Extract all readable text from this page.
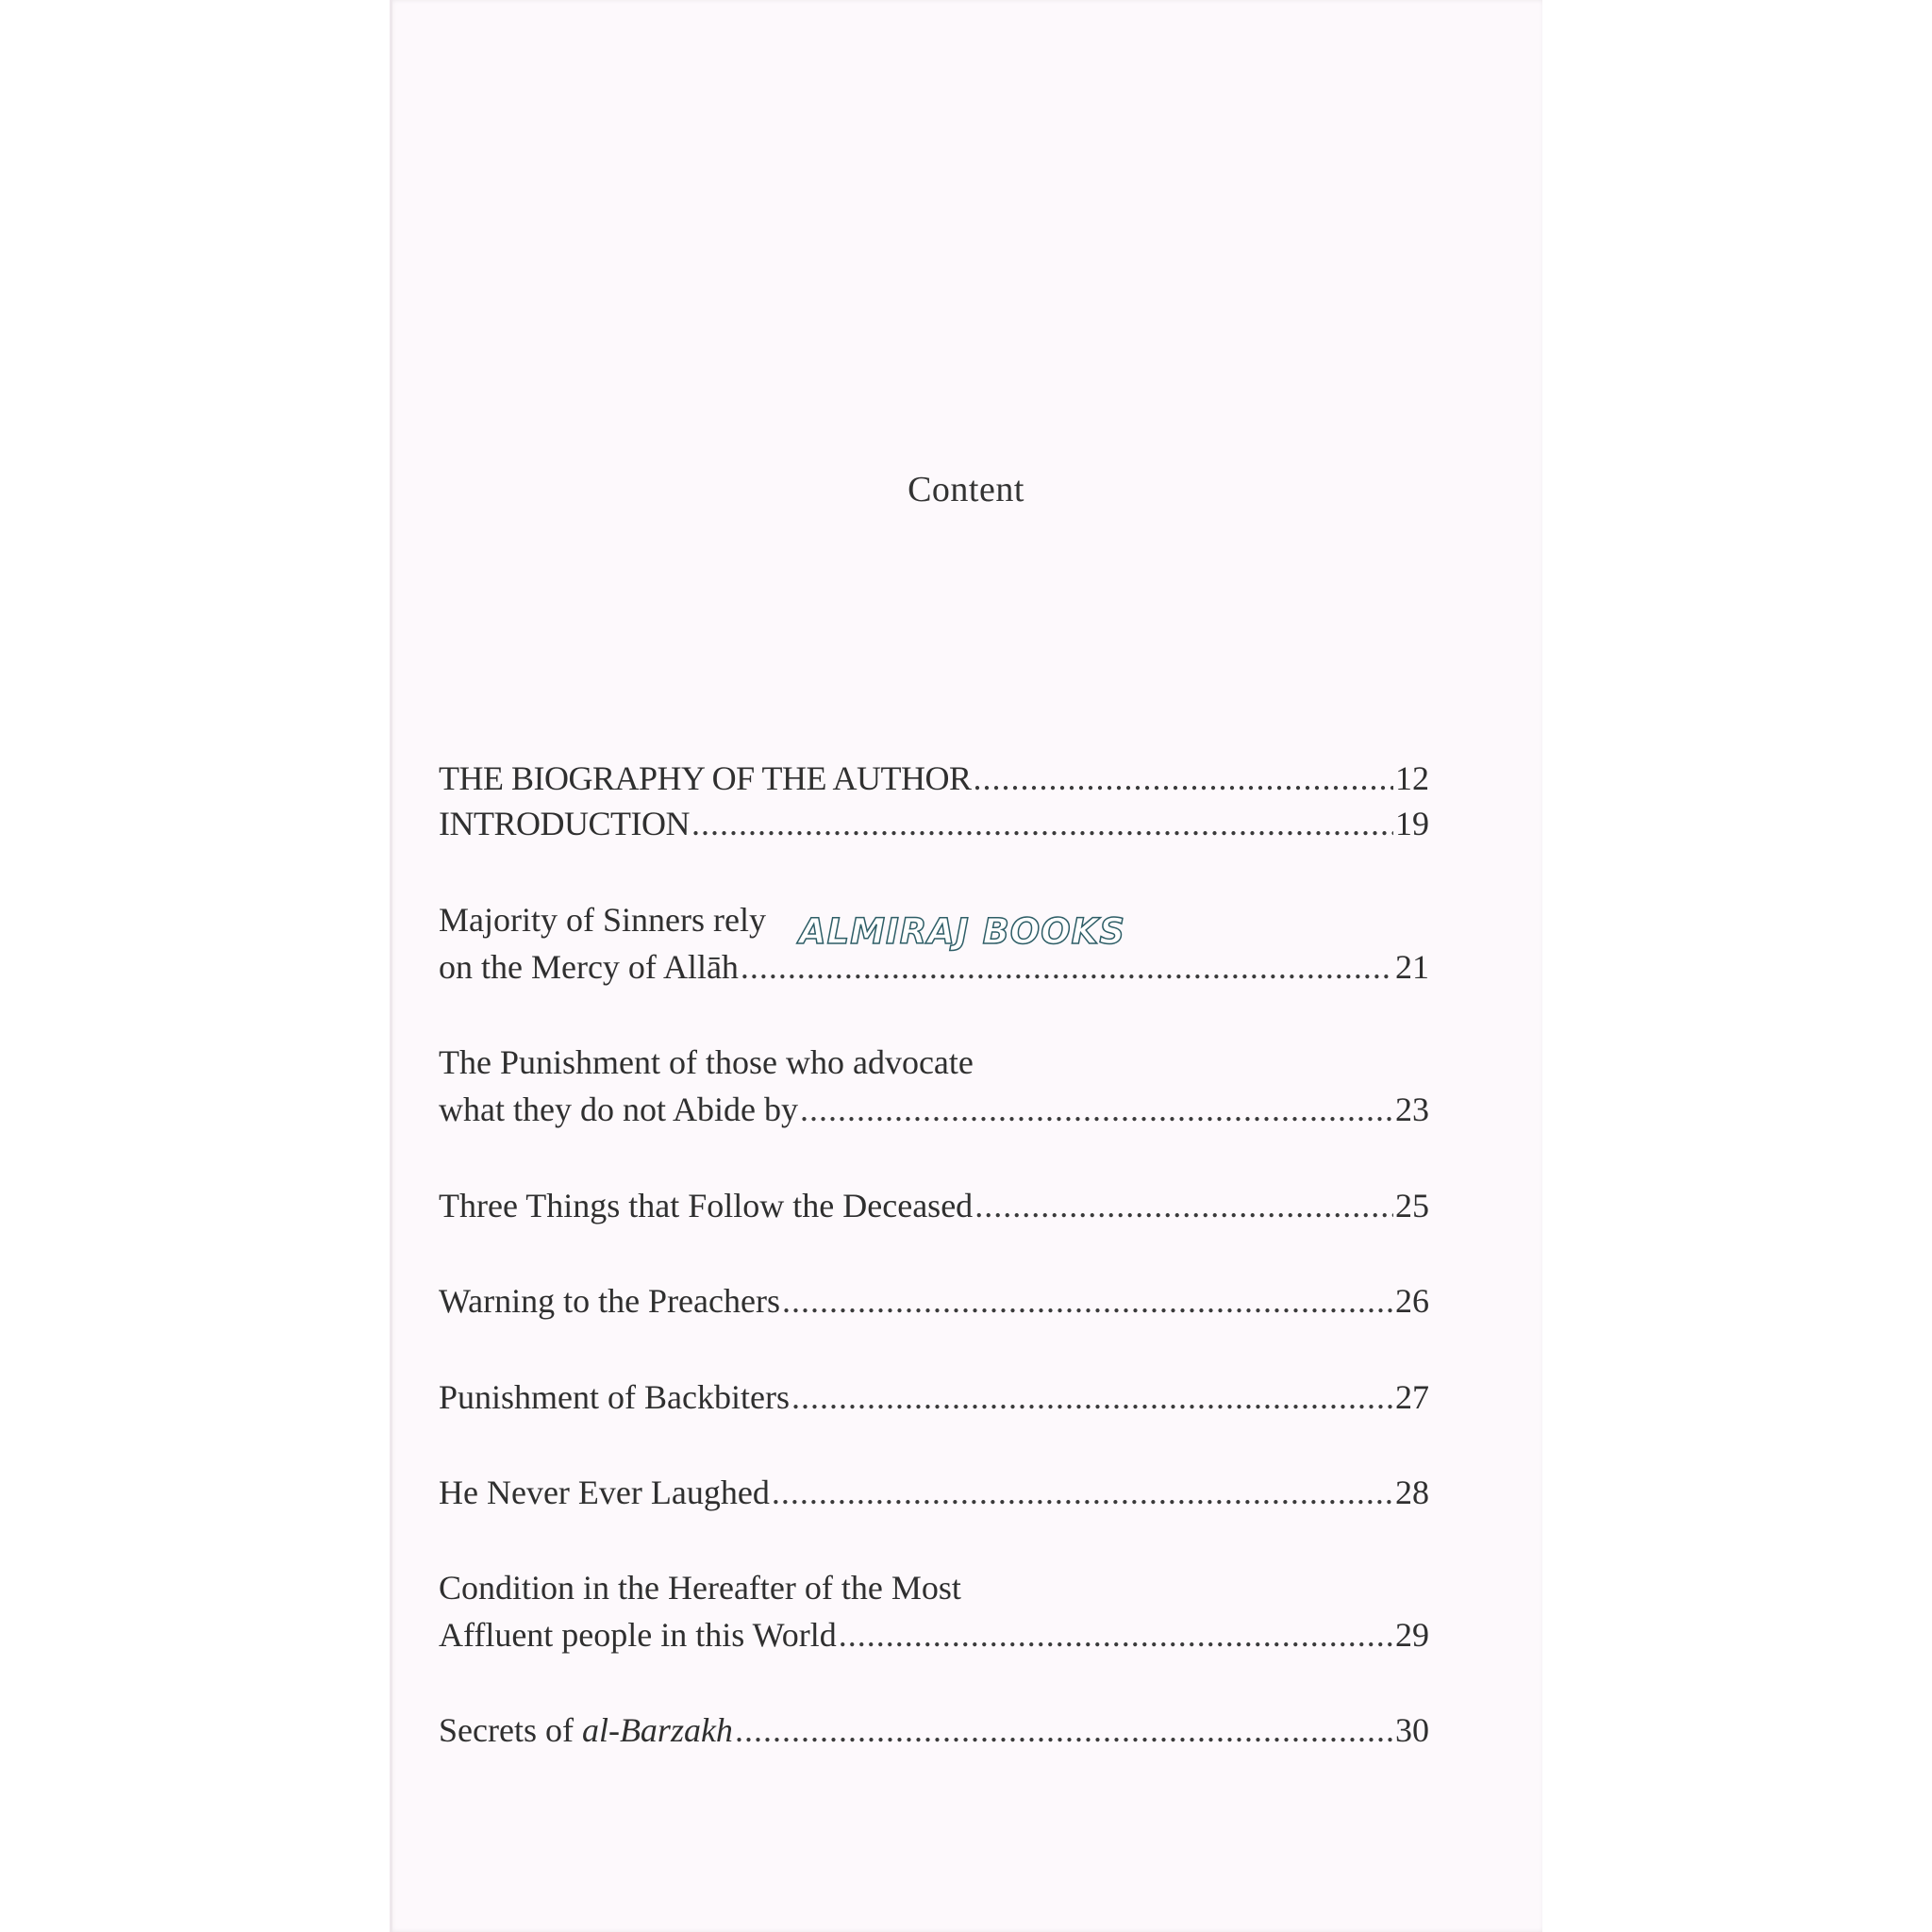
Content
THE BIOGRAPHY OF THE AUTHOR .....	12
INTRODUCTION .....	19
Majority of Sinners rely
on the Mercy of Allāh .....	21
The Punishment of those who advocate
what they do not Abide by .....	23
Three Things that Follow the Deceased .....	25
Warning to the Preachers .....	26
Punishment of Backbiters .....	27
He Never Ever Laughed .....	28
Condition in the Hereafter of the Most
Affluent people in this World .....	29
Secrets of al-Barzakh .....	30
ALMIRAJ BOOKS
